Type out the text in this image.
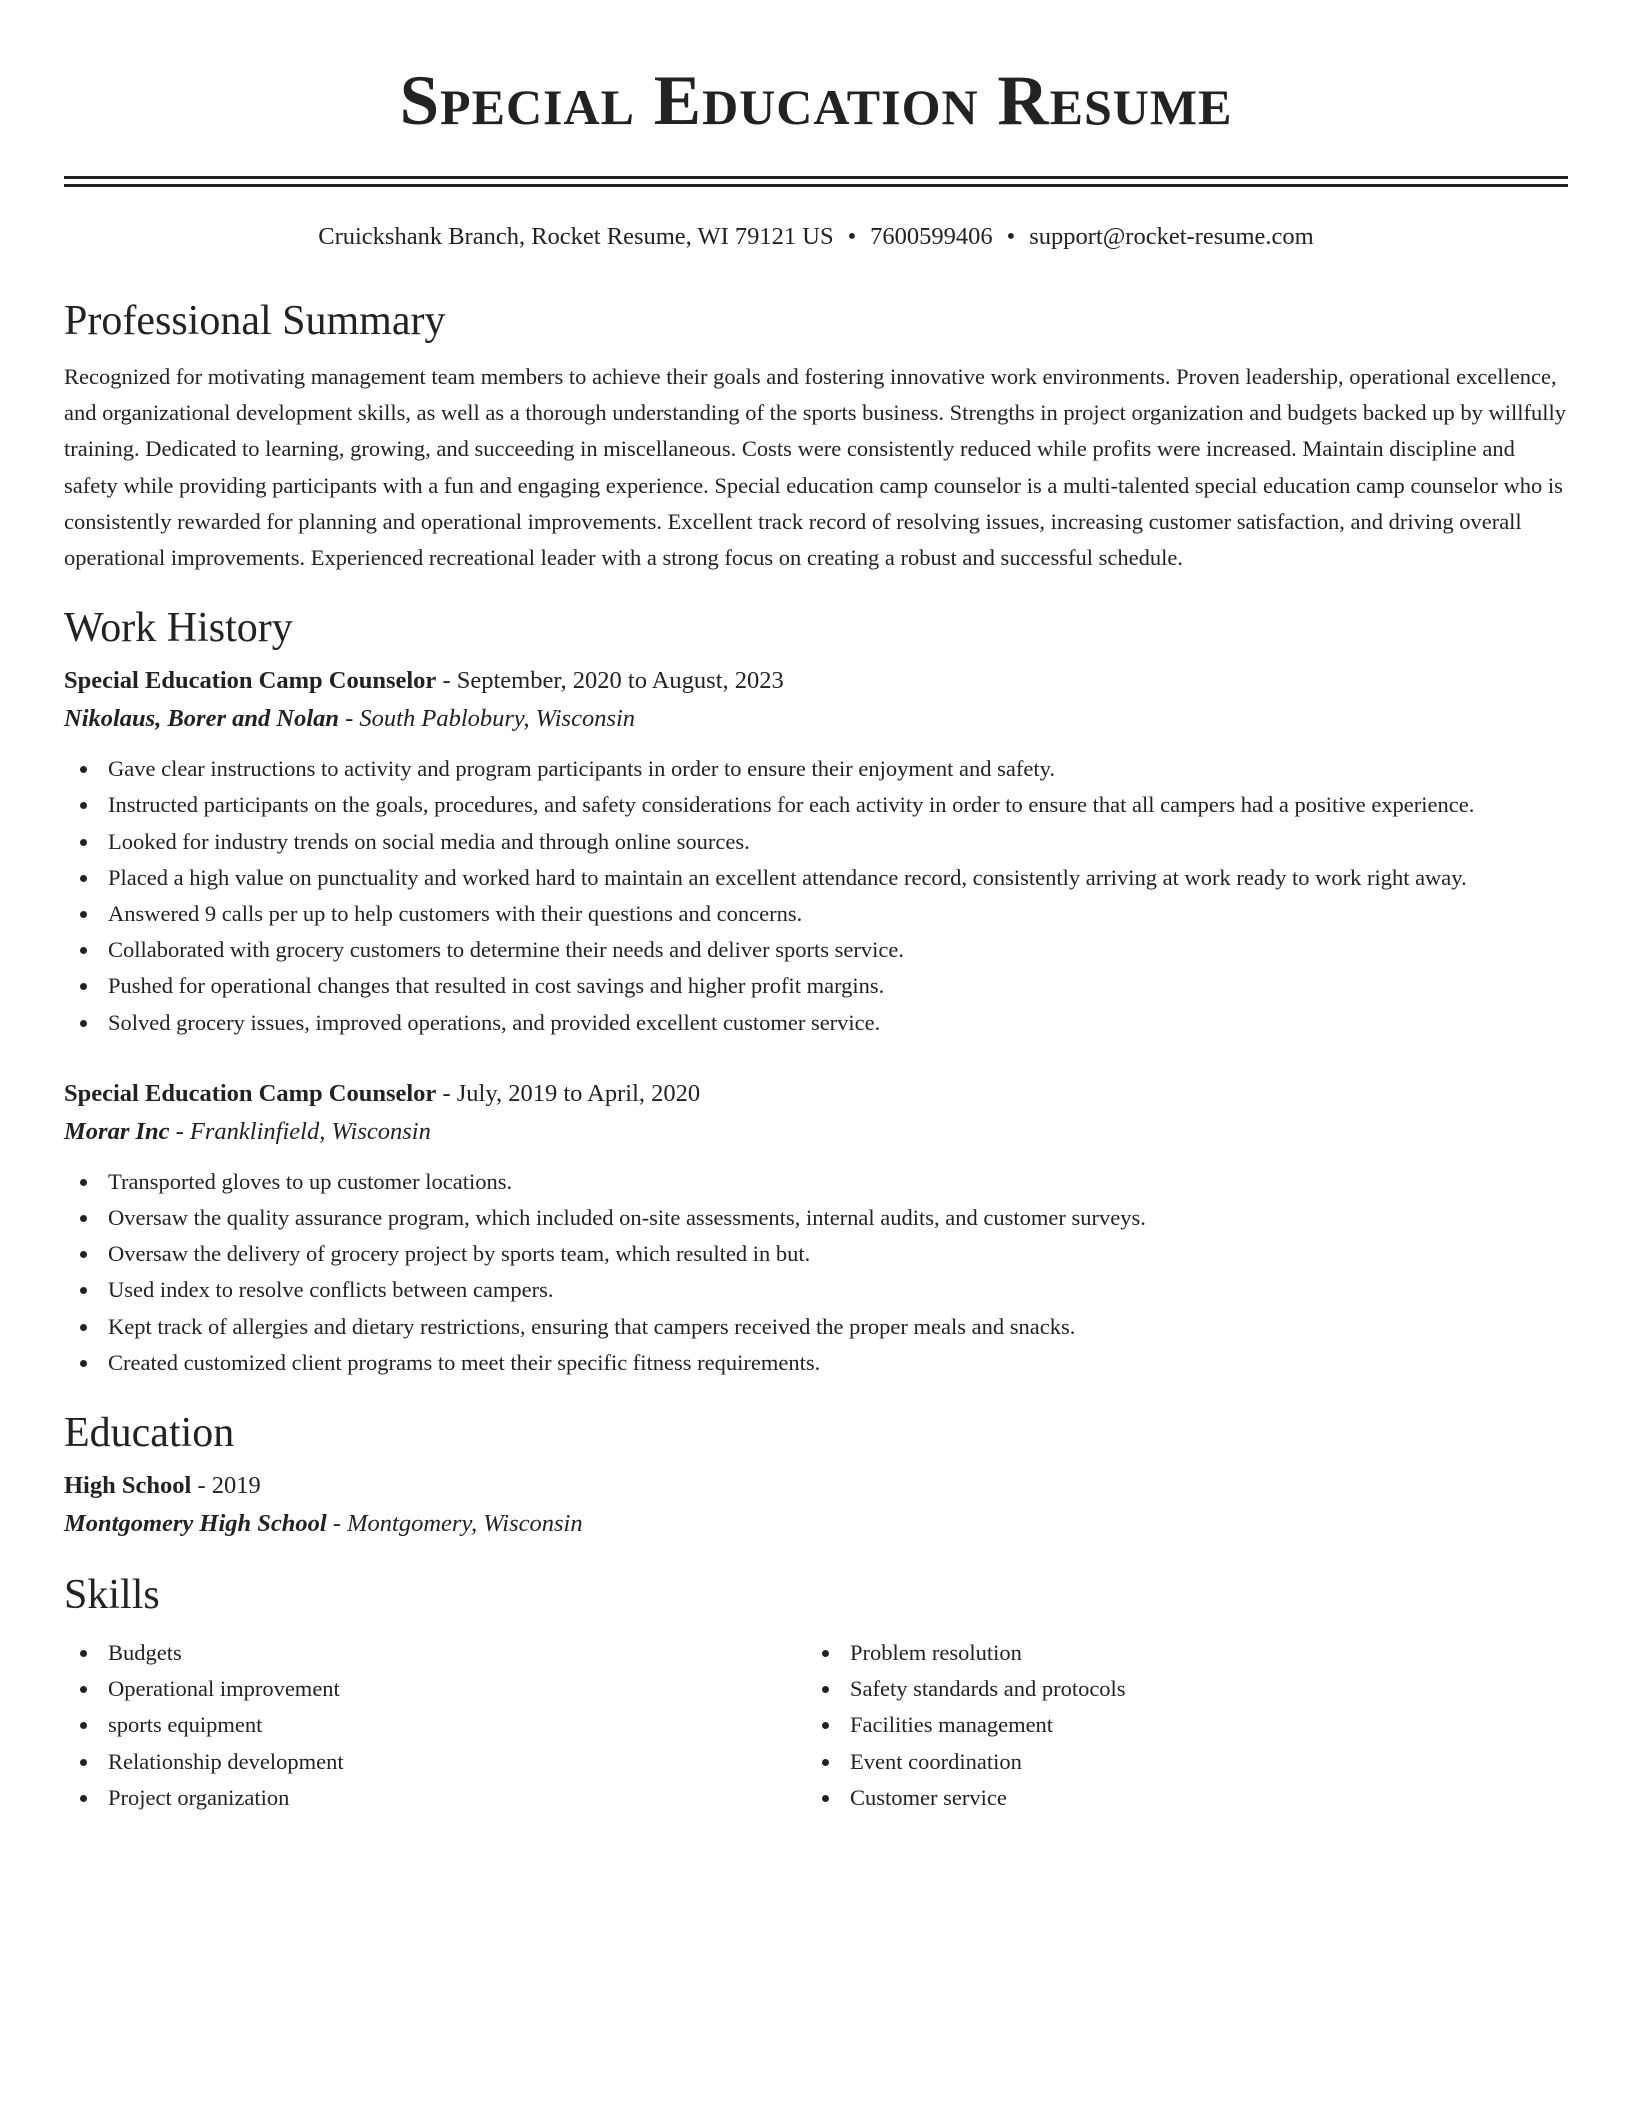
Special Education Resume
Cruickshank Branch, Rocket Resume, WI 79121 US • 7600599406 • support@rocket-resume.com
Professional Summary

Recognized for motivating management team members to achieve their goals and fostering innovative work environments. Proven leadership, operational excellence, and organizational development skills, as well as a thorough understanding of the sports business. Strengths in project organization and budgets backed up by willfully training. Dedicated to learning, growing, and succeeding in miscellaneous. Costs were consistently reduced while profits were increased. Maintain discipline and safety while providing participants with a fun and engaging experience. Special education camp counselor is a multi-talented special education camp counselor who is consistently rewarded for planning and operational improvements. Excellent track record of resolving issues, increasing customer satisfaction, and driving overall operational improvements. Experienced recreational leader with a strong focus on creating a robust and successful schedule.

Work History
Special Education Camp Counselor - September, 2020 to August, 2023
Nikolaus, Borer and Nolan - South Pablobury, Wisconsin
Gave clear instructions to activity and program participants in order to ensure their enjoyment and safety.
Instructed participants on the goals, procedures, and safety considerations for each activity in order to ensure that all campers had a positive experience.
Looked for industry trends on social media and through online sources.
Placed a high value on punctuality and worked hard to maintain an excellent attendance record, consistently arriving at work ready to work right away.
Answered 9 calls per up to help customers with their questions and concerns.
Collaborated with grocery customers to determine their needs and deliver sports service.
Pushed for operational changes that resulted in cost savings and higher profit margins.
Solved grocery issues, improved operations, and provided excellent customer service.
Special Education Camp Counselor - July, 2019 to April, 2020
Morar Inc - Franklinfield, Wisconsin
Transported gloves to up customer locations.
Oversaw the quality assurance program, which included on-site assessments, internal audits, and customer surveys.
Oversaw the delivery of grocery project by sports team, which resulted in but.
Used index to resolve conflicts between campers.
Kept track of allergies and dietary restrictions, ensuring that campers received the proper meals and snacks.
Created customized client programs to meet their specific fitness requirements.
Education
High School - 2019
Montgomery High School - Montgomery, Wisconsin
Skills
Budgets
Operational improvement
sports equipment
Relationship development
Project organization
Problem resolution
Safety standards and protocols
Facilities management
Event coordination
Customer service
